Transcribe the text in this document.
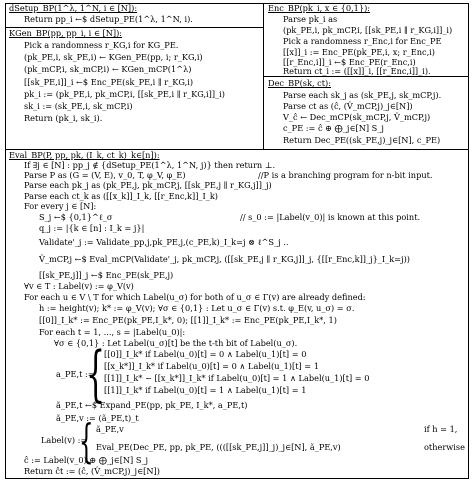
dSetup_BP(1^λ, 1^N, i ∈ [N]):
Return pp_i ←$ dSetup_PE(1^λ, 1^N, i).
KGen_BP(pp, pp_i, i ∈ [N]):
Pick a randomness r_KG,i for KG_PE.
(pk_PE,i, sk_PE,i) ← KGen_PE(pp, i; r_KG,i)
(pk_mCP,i, sk_mCP,i) ← KGen_mCP(1^λ)
[[sk_PE,i]]_i ←$ Enc_PE(sk_PE,i ∥ r_KG,i)
pk_i := (pk_PE,i, pk_mCP,i, [[sk_PE,i ∥ r_KG,i]]_i)
sk_i := (sk_PE,i, sk_mCP,i)
Return (pk_i, sk_i).
Enc_BP(pk_i, x ∈ {0,1}):
Parse pk_i as
(pk_PE,i, pk_mCP,i, [[sk_PE,i ∥ r_KG,i]]_i)
Pick a randomness r_Enc,i for Enc_PE
[[x]]_i := Enc_PE(pk_PE,i, x; r_Enc,i)
[[r_Enc,i]]_i ←$ Enc_PE(r_Enc,i)
Return ct_i := ([[x]]_i, [[r_Enc,i]]_i).
Dec_BP(sk, ct):
Parse each sk_j as (sk_PE,j, sk_mCP,j).
Parse ct as (ĉ, (V̂_mCP,j)_j∈[N])
V_ĉ ← Dec_mCP(sk_mCP,j, V̂_mCP,j)
c_PE := ĉ ⊕ ⨁_j∈[N] S_j
Return Dec_PE((sk_PE,j)_j∈[N], c_PE)
Eval_BP(P, pp, pk, (I_k, ct_k)_k∈[n]):
If ∃j ∈ [N] : pp_j ∉ {dSetup_PE(1^λ, 1^N, j)} then return ⊥.
Parse P as (G = (V, E), v_0, T, φ_V, φ_E)	//P is a branching program for n-bit input.
Parse each pk_j as (pk_PE,j, pk_mCP,j, [[sk_PE,j ∥ r_KG,j]]_j)
Parse each ct_k as ([[x_k]]_I_k, [[r_Enc,k]]_I_k)
For every j ∈ [N]:
S_j ←$ {0,1}^ℓ_σ	// s_0 := |Label(v_0)| is known at this point.
q_j := |{k ∈ [n] : I_k = j}|
Validate'_j := Validate_pp,j,pk_PE,j,(c_PE,k)_I_k=j ⊗ ℓ^S_j ..
V̂_mCP,j ←$ Eval_mCP(Validate'_j, pk_mCP,j, ([[sk_PE,j ∥ r_KG,j]]_j, {[[r_Enc,k]]_j}_I_k=j))
[[sk_PE,j]]_j ←$ Enc_PE(sk_PE,j)
∀v ∈ T : Label(v) := φ_V(v)
For each u ∈ V \ T for which Label(u_σ) for both of u_σ ∈ Γ(v) are already defined:
h := height(v); k* := φ_V(v); ∀σ ∈ {0,1} : Let u_σ ∈ Γ(v) s.t. φ_E(v, u_σ) = σ.
[[0]]_I_k* := Enc_PE(pk_PE,I_k*, 0); [[1]]_I_k* := Enc_PE(pk_PE,I_k*, 1)
For each t = 1, ..., s = |Label(u_0)|:
∀σ ∈ {0,1} : Let Label(u_σ)[t] be the t-th bit of Label(u_σ).
a_PE,t :=
{
[[0]]_I_k* if Label(u_0)[t] = 0 ∧ Label(u_1)[t] = 0
[[x_k*]]_I_k* if Label(u_0)[t] = 0 ∧ Label(u_1)[t] = 1
[[1]]_I_k* − [[x_k*]]_I_k* if Label(u_0)[t] = 1 ∧ Label(u_1)[t] = 0
[[1]]_I_k* if Label(u_0)[t] = 1 ∧ Label(u_1)[t] = 1
ã_PE,t ←$ Expand_PE(pp, pk_PE, I_k*, a_PE,t)
ã_PE,v := (ã_PE,t)_t
Label(v) :=
{ ã_PE,v	if h = 1,
Eval_PE(Dec_PE, pp, pk_PE, ((([[sk_PE,j]]_j)_j∈[N], ã_PE,v)	otherwise
ĉ := Label(v_0) ⊕ ⨁_j∈[N] S_j
Return ĉt := (ĉ, (V̂_mCP,j)_j∈[N])
